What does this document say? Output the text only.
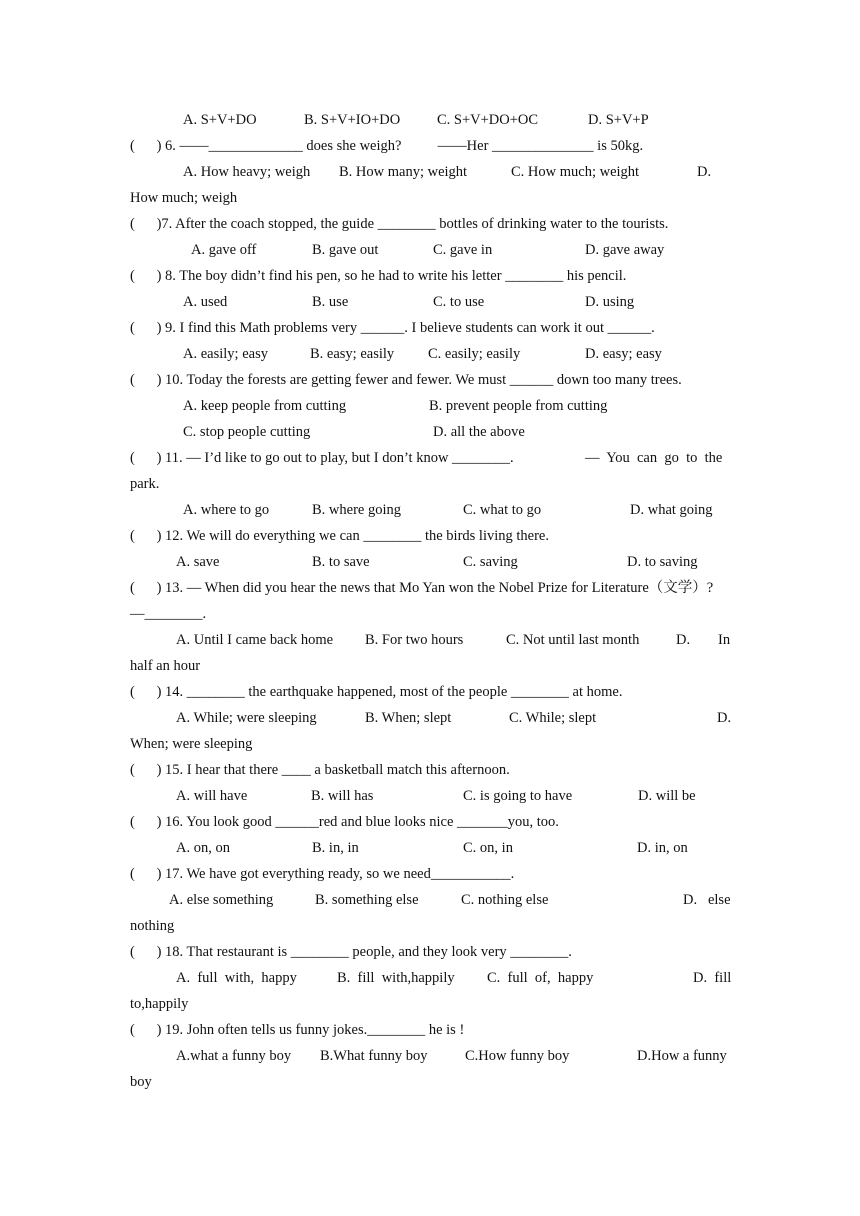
A. S+V+DO	B. S+V+IO+DO	C. S+V+DO+OC	D. S+V+P
(      ) 6. ——_____________ does she weigh?          ——Her ______________ is 50kg.
A. How heavy; weigh B. How many; weight	C. How much; weight	D.
How much; weigh
(      )7. After the coach stopped, the guide ________ bottles of drinking water to the tourists.
A. gave off	B. gave out	C. gave in	D. gave away
(      ) 8. The boy didn’t find his pen, so he had to write his letter ________ his pencil.
A. used	B. use	C. to use	D. using
(      ) 9. I find this Math problems very ______. I believe students can work it out ______.
A. easily; easy	B. easy; easily C. easily; easily	D. easy; easy
(      ) 10. Today the forests are getting fewer and fewer. We must ______ down too many trees.
A. keep people from cutting	B. prevent people from cutting
C. stop people cutting	D. all the above
(      ) 11. — I’d like to go out to play, but I don’t know ________.	—  You  can  go  to  the
park.
A. where to go	B. where going	C. what to go	D. what going
(      ) 12. We will do everything we can ________ the birds living there.
A. save	B. to save	C. saving	D. to saving
(      ) 13. — When did you hear the news that Mo Yan won the Nobel Prize for Literature（文学）?
—________.
A. Until I came back home B. For two hours	C. Not until last month	D. In
half an hour
(      ) 14. ________ the earthquake happened, most of the people ________ at home.
A. While; were sleeping	B. When; slept	C. While; slept	D.
When; were sleeping
(      ) 15. I hear that there ____ a basketball match this afternoon.
A. will have	B. will has	C. is going to have	D. will be
(      ) 16. You look good ______red and blue looks nice _______you, too.
A. on, on	B. in, in	C. on, in	D. in, on
(      ) 17. We have got everything ready, so we need___________.
A. else something	B. something else	C. nothing else	D.   else
nothing
(      ) 18. That restaurant is ________ people, and they look very ________.
A.  full  with,  happy	B.  fill  with,happily C.  full  of,  happy	D.  fill
to,happily
(      ) 19. John often tells us funny jokes.________ he is !
A.what a funny boy B.What funny boy	C.How funny boy	D.How a funny
boy
